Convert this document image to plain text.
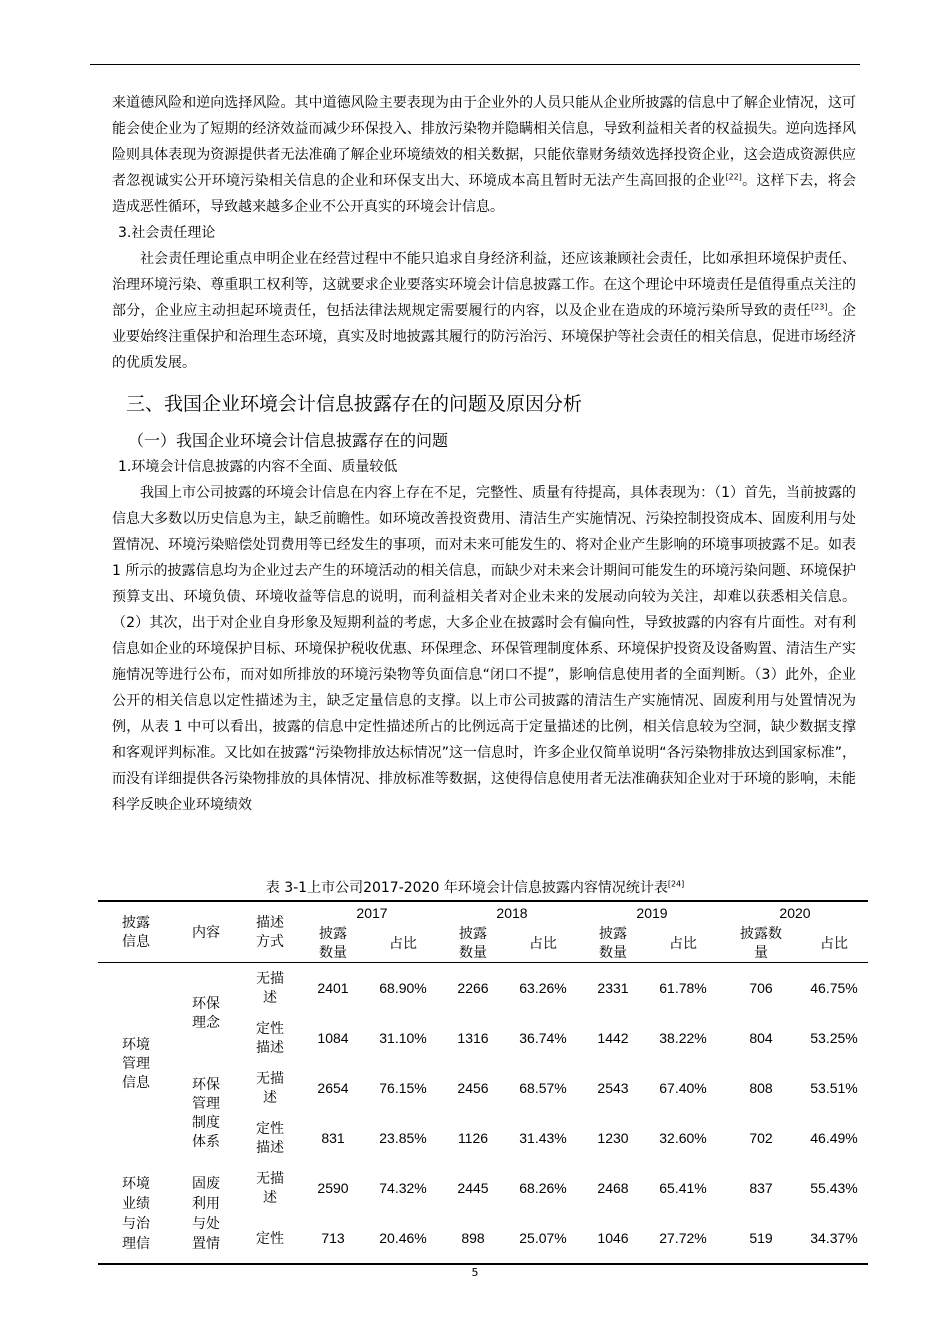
来道德风险和逆向选择风险。其中道德风险主要表现为由于企业外的人员只能从企业所披露的信息中了解企业情况，这可能会使企业为了短期的经济效益而减少环保投入、排放污染物并隐瞒相关信息，导致利益相关者的权益损失。逆向选择风险则具体表现为资源提供者无法准确了解企业环境绩效的相关数据，只能依靠财务绩效选择投资企业，这会造成资源供应者忽视诚实公开环境污染相关信息的企业和环保支出大、环境成本高且暂时无法产生高回报的企业[22]。这样下去，将会造成恶性循环，导致越来越多企业不公开真实的环境会计信息。

3.社会责任理论

社会责任理论重点申明企业在经营过程中不能只追求自身经济利益，还应该兼顾社会责任，比如承担环境保护责任、治理环境污染、尊重职工权利等，这就要求企业要落实环境会计信息披露工作。在这个理论中环境责任是值得重点关注的部分，企业应主动担起环境责任，包括法律法规规定需要履行的内容，以及企业在造成的环境污染所导致的责任[23]。企业要始终注重保护和治理生态环境，真实及时地披露其履行的防污治污、环境保护等社会责任的相关信息，促进市场经济的优质发展。

三、我国企业环境会计信息披露存在的问题及原因分析
（一）我国企业环境会计信息披露存在的问题
1.环境会计信息披露的内容不全面、质量较低

我国上市公司披露的环境会计信息在内容上存在不足，完整性、质量有待提高，具体表现为：（1）首先，当前披露的信息大多数以历史信息为主，缺乏前瞻性。如环境改善投资费用、清洁生产实施情况、污染控制投资成本、固废利用与处置情况、环境污染赔偿处罚费用等已经发生的事项，而对未来可能发生的、将对企业产生影响的环境事项披露不足。如表 1 所示的披露信息均为企业过去产生的环境活动的相关信息，而缺少对未来会计期间可能发生的环境污染问题、环境保护预算支出、环境负债、环境收益等信息的说明，而利益相关者对企业未来的发展动向较为关注，却难以获悉相关信息。（2）其次，出于对企业自身形象及短期利益的考虑，大多企业在披露时会有偏向性，导致披露的内容有片面性。对有利信息如企业的环境保护目标、环境保护税收优惠、环保理念、环保管理制度体系、环境保护投资及设备购置、清洁生产实施情况等进行公布，而对如所排放的环境污染物等负面信息“闭口不提”，影响信息使用者的全面判断。（3）此外，企业公开的相关信息以定性描述为主，缺乏定量信息的支撑。以上市公司披露的清洁生产实施情况、固废利用与处置情况为例，从表 1 中可以看出，披露的信息中定性描述所占的比例远高于定量描述的比例，相关信息较为空洞，缺少数据支撑和客观评判标准。又比如在披露“污染物排放达标情况”这一信息时，许多企业仅简单说明“各污染物排放达到国家标准”，而没有详细提供各污染物排放的具体情况、排放标准等数据，这使得信息使用者无法准确获知企业对于环境的影响，未能科学反映企业环境绩效

表 3-1上市公司2017-2020 年环境会计信息披露内容情况统计表[24]
披露信息	内容	描述方式	2017		2018		2019		2020	

			披露数量	占比	披露数量	占比	披露数量	占比	披露数量	占比

环境管理信息	环保理念	无描述	2401	68.90%	2266	63.26%	2331	61.78%	706	46.75%

		定性描述	1084	31.10%	1316	36.74%	1442	38.22%	804	53.25%

	环保管理制度体系	无描述	2654	76.15%	2456	68.57%	2543	67.40%	808	53.51%

		定性描述	831	23.85%	1126	31.43%	1230	32.60%	702	46.49%

环境业绩与治理信	固废利用与处置情	无描述	2590	74.32%	2445	68.26%	2468	65.41%	837	55.43%
		定性	713	20.46%	898	25.07%	1046	27.72%	519	34.37%
5
